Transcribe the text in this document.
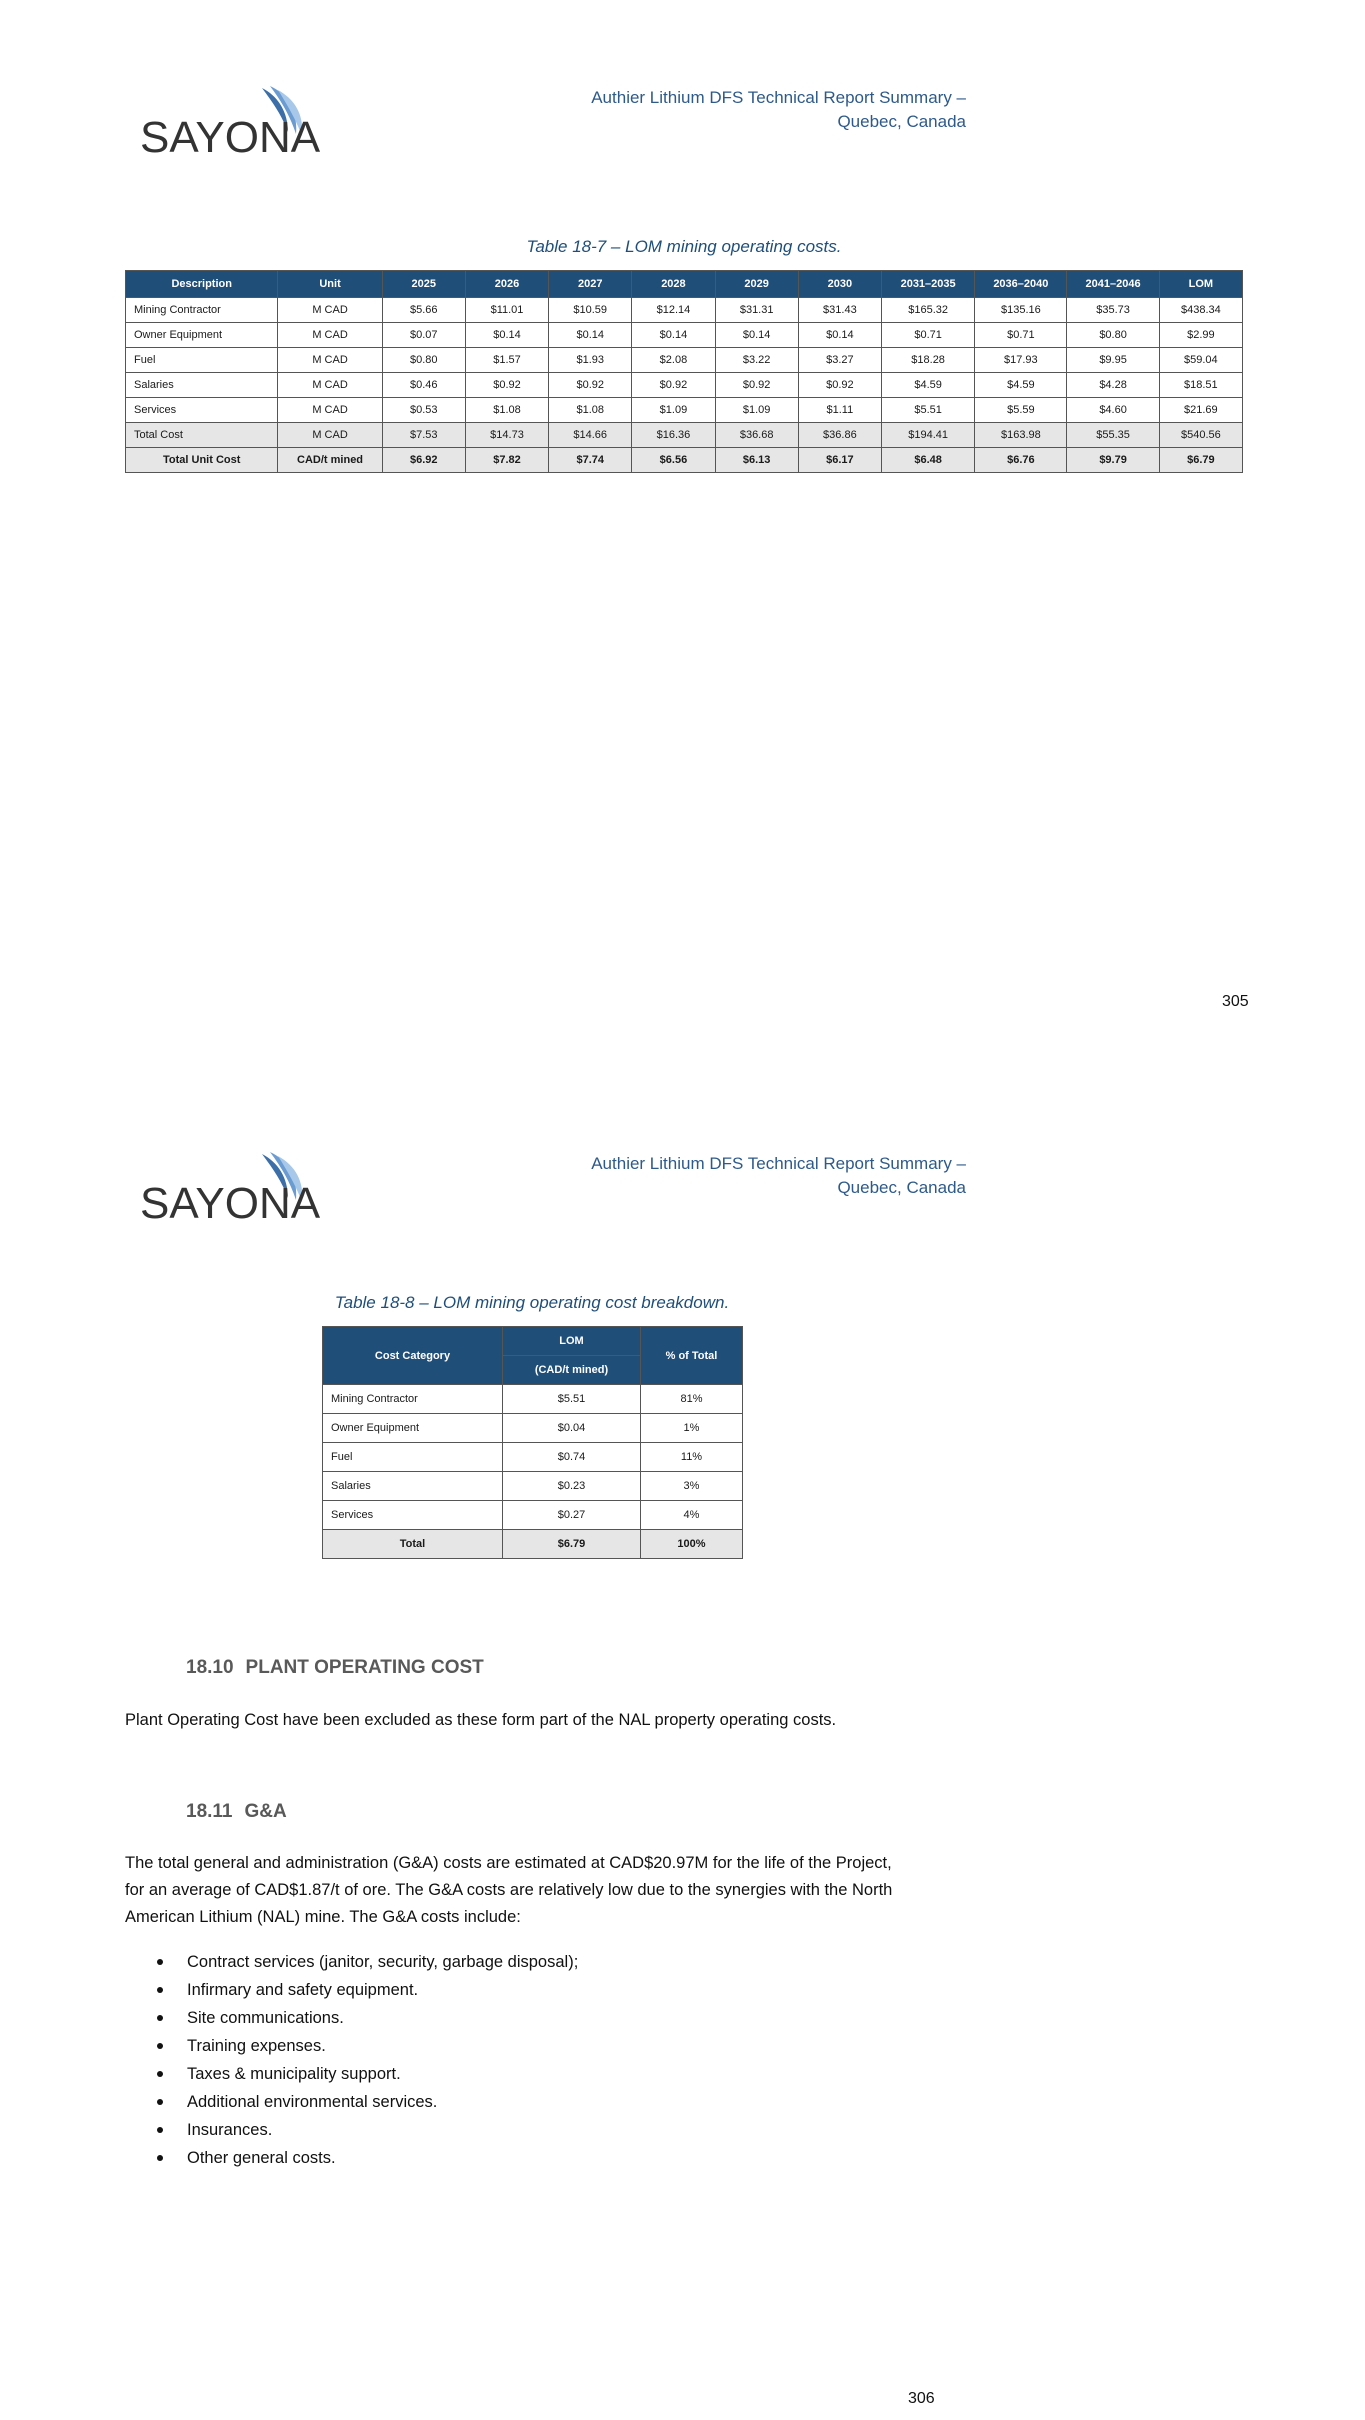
SAYONA
Authier Lithium DFS Technical Report Summary –
Quebec, Canada
Table 18-7 – LOM mining operating costs.
Description	Unit	2025	2026	2027	2028	2029	2030	2031–2035	2036–2040	2041–2046	LOM
Mining Contractor	M CAD	$5.66	$11.01	$10.59	$12.14	$31.31	$31.43	$165.32	$135.16	$35.73	$438.34
Owner Equipment	M CAD	$0.07	$0.14	$0.14	$0.14	$0.14	$0.14	$0.71	$0.71	$0.80	$2.99
Fuel	M CAD	$0.80	$1.57	$1.93	$2.08	$3.22	$3.27	$18.28	$17.93	$9.95	$59.04
Salaries	M CAD	$0.46	$0.92	$0.92	$0.92	$0.92	$0.92	$4.59	$4.59	$4.28	$18.51
Services	M CAD	$0.53	$1.08	$1.08	$1.09	$1.09	$1.11	$5.51	$5.59	$4.60	$21.69
Total Cost	M CAD	$7.53	$14.73	$14.66	$16.36	$36.68	$36.86	$194.41	$163.98	$55.35	$540.56
Total Unit Cost	CAD/t mined	$6.92	$7.82	$7.74	$6.56	$6.13	$6.17	$6.48	$6.76	$9.79	$6.79
305
SAYONA
Authier Lithium DFS Technical Report Summary –
Quebec, Canada
Table 18-8 – LOM mining operating cost breakdown.
Cost Category	LOM	% of Total
	(CAD/t mined)	
Mining Contractor	$5.51	81%
Owner Equipment	$0.04	1%
Fuel	$0.74	11%
Salaries	$0.23	3%
Services	$0.27	4%
Total	$6.79	100%
18.10 PLANT OPERATING COST
Plant Operating Cost have been excluded as these form part of the NAL property operating costs.
18.11 G&A
The total general and administration (G&A) costs are estimated at CAD$20.97M for the life of the Project,
for an average of CAD$1.87/t of ore. The G&A costs are relatively low due to the synergies with the North
American Lithium (NAL) mine. The G&A costs include:
Contract services (janitor, security, garbage disposal);
Infirmary and safety equipment.
Site communications.
Training expenses.
Taxes & municipality support.
Additional environmental services.
Insurances.
Other general costs.
306
